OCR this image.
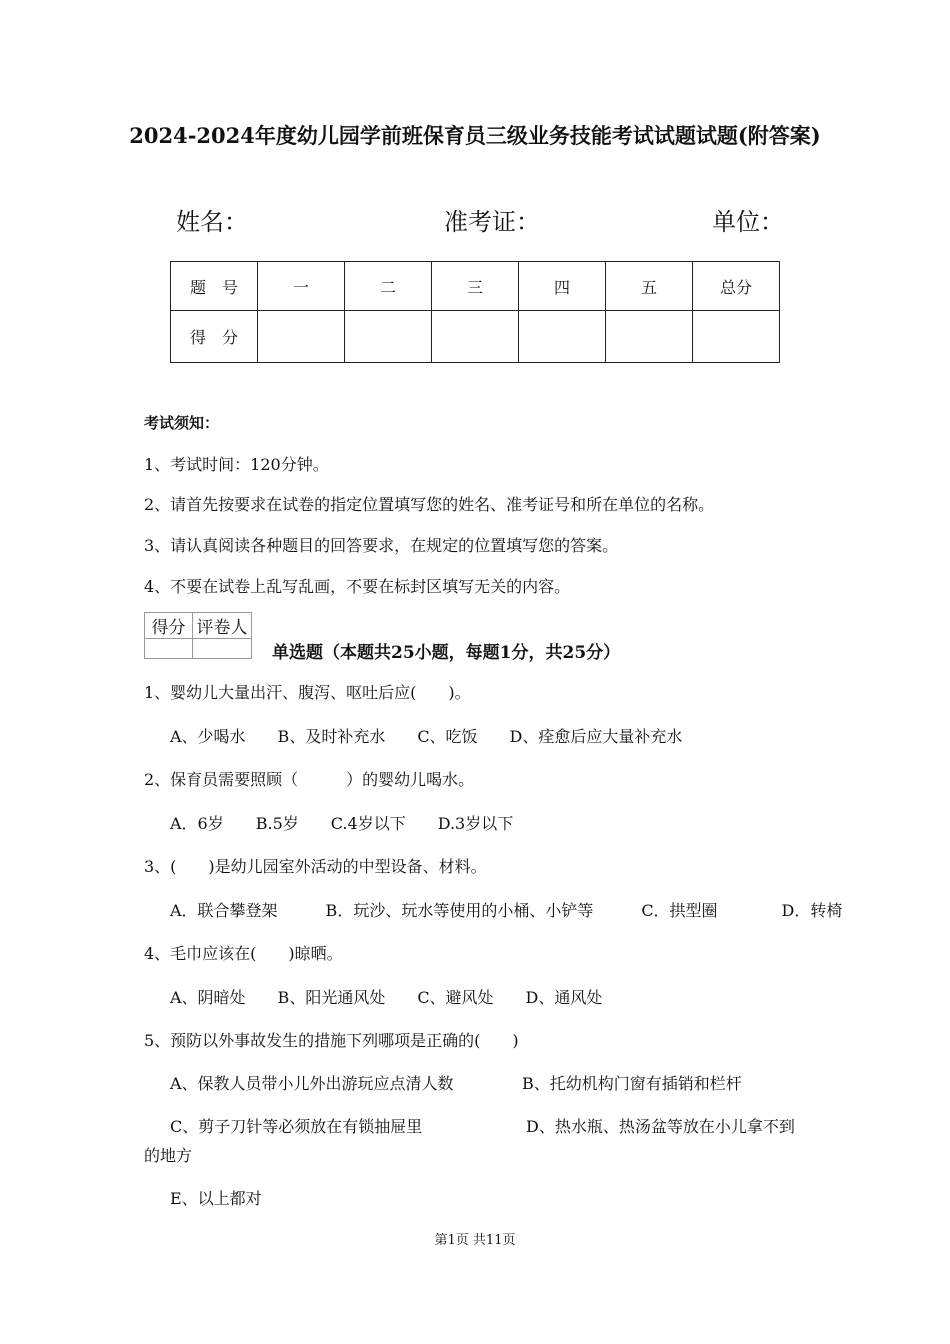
2024-2024年度幼儿园学前班保育员三级业务技能考试试题试题(附答案)
姓名：	准考证：	单位：
题　号	一	二	三	四	五	总分
得　分						
考试须知：
1、考试时间：120分钟。
2、请首先按要求在试卷的指定位置填写您的姓名、准考证号和所在单位的名称。
3、请认真阅读各种题目的回答要求，在规定的位置填写您的答案。
4、不要在试卷上乱写乱画，不要在标封区填写无关的内容。
得分	评卷人

单选题（本题共25小题，每题1分，共25分）
1、婴幼儿大量出汗、腹泻、呕吐后应(　　)。
A、少喝水　　B、及时补充水　　C、吃饭　　D、痊愈后应大量补充水
2、保育员需要照顾（　　　）的婴幼儿喝水。
A．6岁　　B.5岁　　C.4岁以下　　D.3岁以下
3、(　　)是幼儿园室外活动的中型设备、材料。
A．联合攀登架　　　B．玩沙、玩水等使用的小桶、小铲等　　　C．拱型圈　　　　D．转椅
4、毛巾应该在(　　)晾晒。
A、阴暗处　　B、阳光通风处　　C、避风处　　D、通风处
5、预防以外事故发生的措施下列哪项是正确的(　　)
A、保教人员带小儿外出游玩应点清人数	B、托幼机构门窗有插销和栏杆
C、剪子刀针等必须放在有锁抽屉里	D、热水瓶、热汤盆等放在小儿拿不到
的地方
E、以上都对
第1页 共11页
